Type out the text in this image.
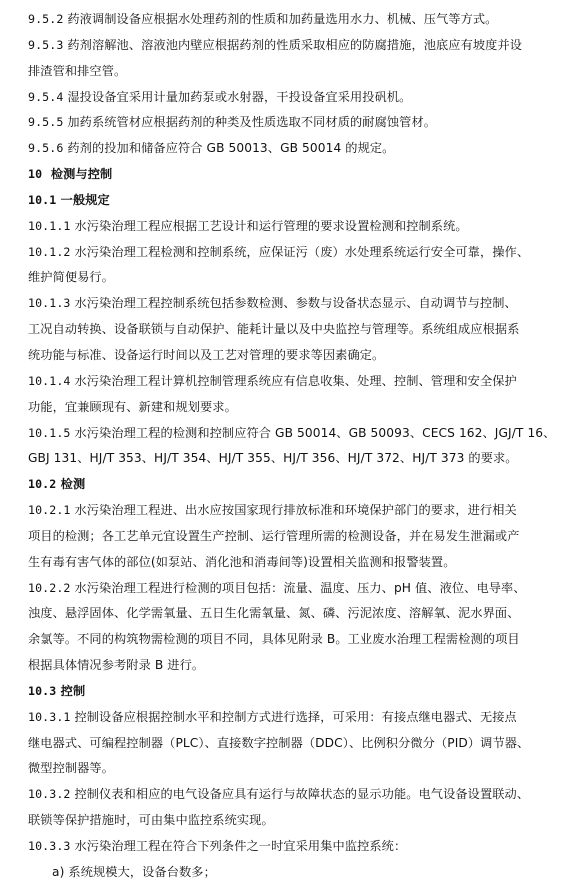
9.5.2 药液调制设备应根据水处理药剂的性质和加药量选用水力、机械、压气等方式。
9.5.3 药剂溶解池、溶液池内壁应根据药剂的性质采取相应的防腐措施，池底应有坡度并设
排渣管和排空管。
9.5.4 湿投设备宜采用计量加药泵或水射器，干投设备宜采用投矾机。
9.5.5 加药系统管材应根据药剂的种类及性质选取不同材质的耐腐蚀管材。
9.5.6 药剂的投加和储备应符合 GB 50013、GB 50014 的规定。
10 检测与控制
10.1 一般规定
10.1.1 水污染治理工程应根据工艺设计和运行管理的要求设置检测和控制系统。
10.1.2 水污染治理工程检测和控制系统，应保证污（废）水处理系统运行安全可靠，操作、
维护简便易行。
10.1.3 水污染治理工程控制系统包括参数检测、参数与设备状态显示、自动调节与控制、
工况自动转换、设备联锁与自动保护、能耗计量以及中央监控与管理等。系统组成应根据系
统功能与标准、设备运行时间以及工艺对管理的要求等因素确定。
10.1.4 水污染治理工程计算机控制管理系统应有信息收集、处理、控制、管理和安全保护
功能，宜兼顾现有、新建和规划要求。
10.1.5 水污染治理工程的检测和控制应符合 GB 50014、GB 50093、CECS 162、JGJ/T 16、
GBJ 131、HJ/T 353、HJ/T 354、HJ/T 355、HJ/T 356、HJ/T 372、HJ/T 373 的要求。
10.2 检测
10.2.1 水污染治理工程进、出水应按国家现行排放标准和环境保护部门的要求，进行相关
项目的检测；各工艺单元宜设置生产控制、运行管理所需的检测设备，并在易发生泄漏或产
生有毒有害气体的部位(如泵站、消化池和消毒间等)设置相关监测和报警装置。
10.2.2 水污染治理工程进行检测的项目包括：流量、温度、压力、pH 值、液位、电导率、
浊度、悬浮固体、化学需氧量、五日生化需氧量、氮、磷、污泥浓度、溶解氧、泥水界面、
余氯等。不同的构筑物需检测的项目不同，具体见附录 B。工业废水治理工程需检测的项目
根据具体情况参考附录 B 进行。
10.3 控制
10.3.1 控制设备应根据控制水平和控制方式进行选择，可采用：有接点继电器式、无接点
继电器式、可编程控制器（PLC）、直接数字控制器（DDC）、比例积分微分（PID）调节器、
微型控制器等。
10.3.2 控制仪表和相应的电气设备应具有运行与故障状态的显示功能。电气设备设置联动、
联锁等保护措施时，可由集中监控系统实现。
10.3.3 水污染治理工程在符合下列条件之一时宜采用集中监控系统：
a) 系统规模大，设备台数多；
